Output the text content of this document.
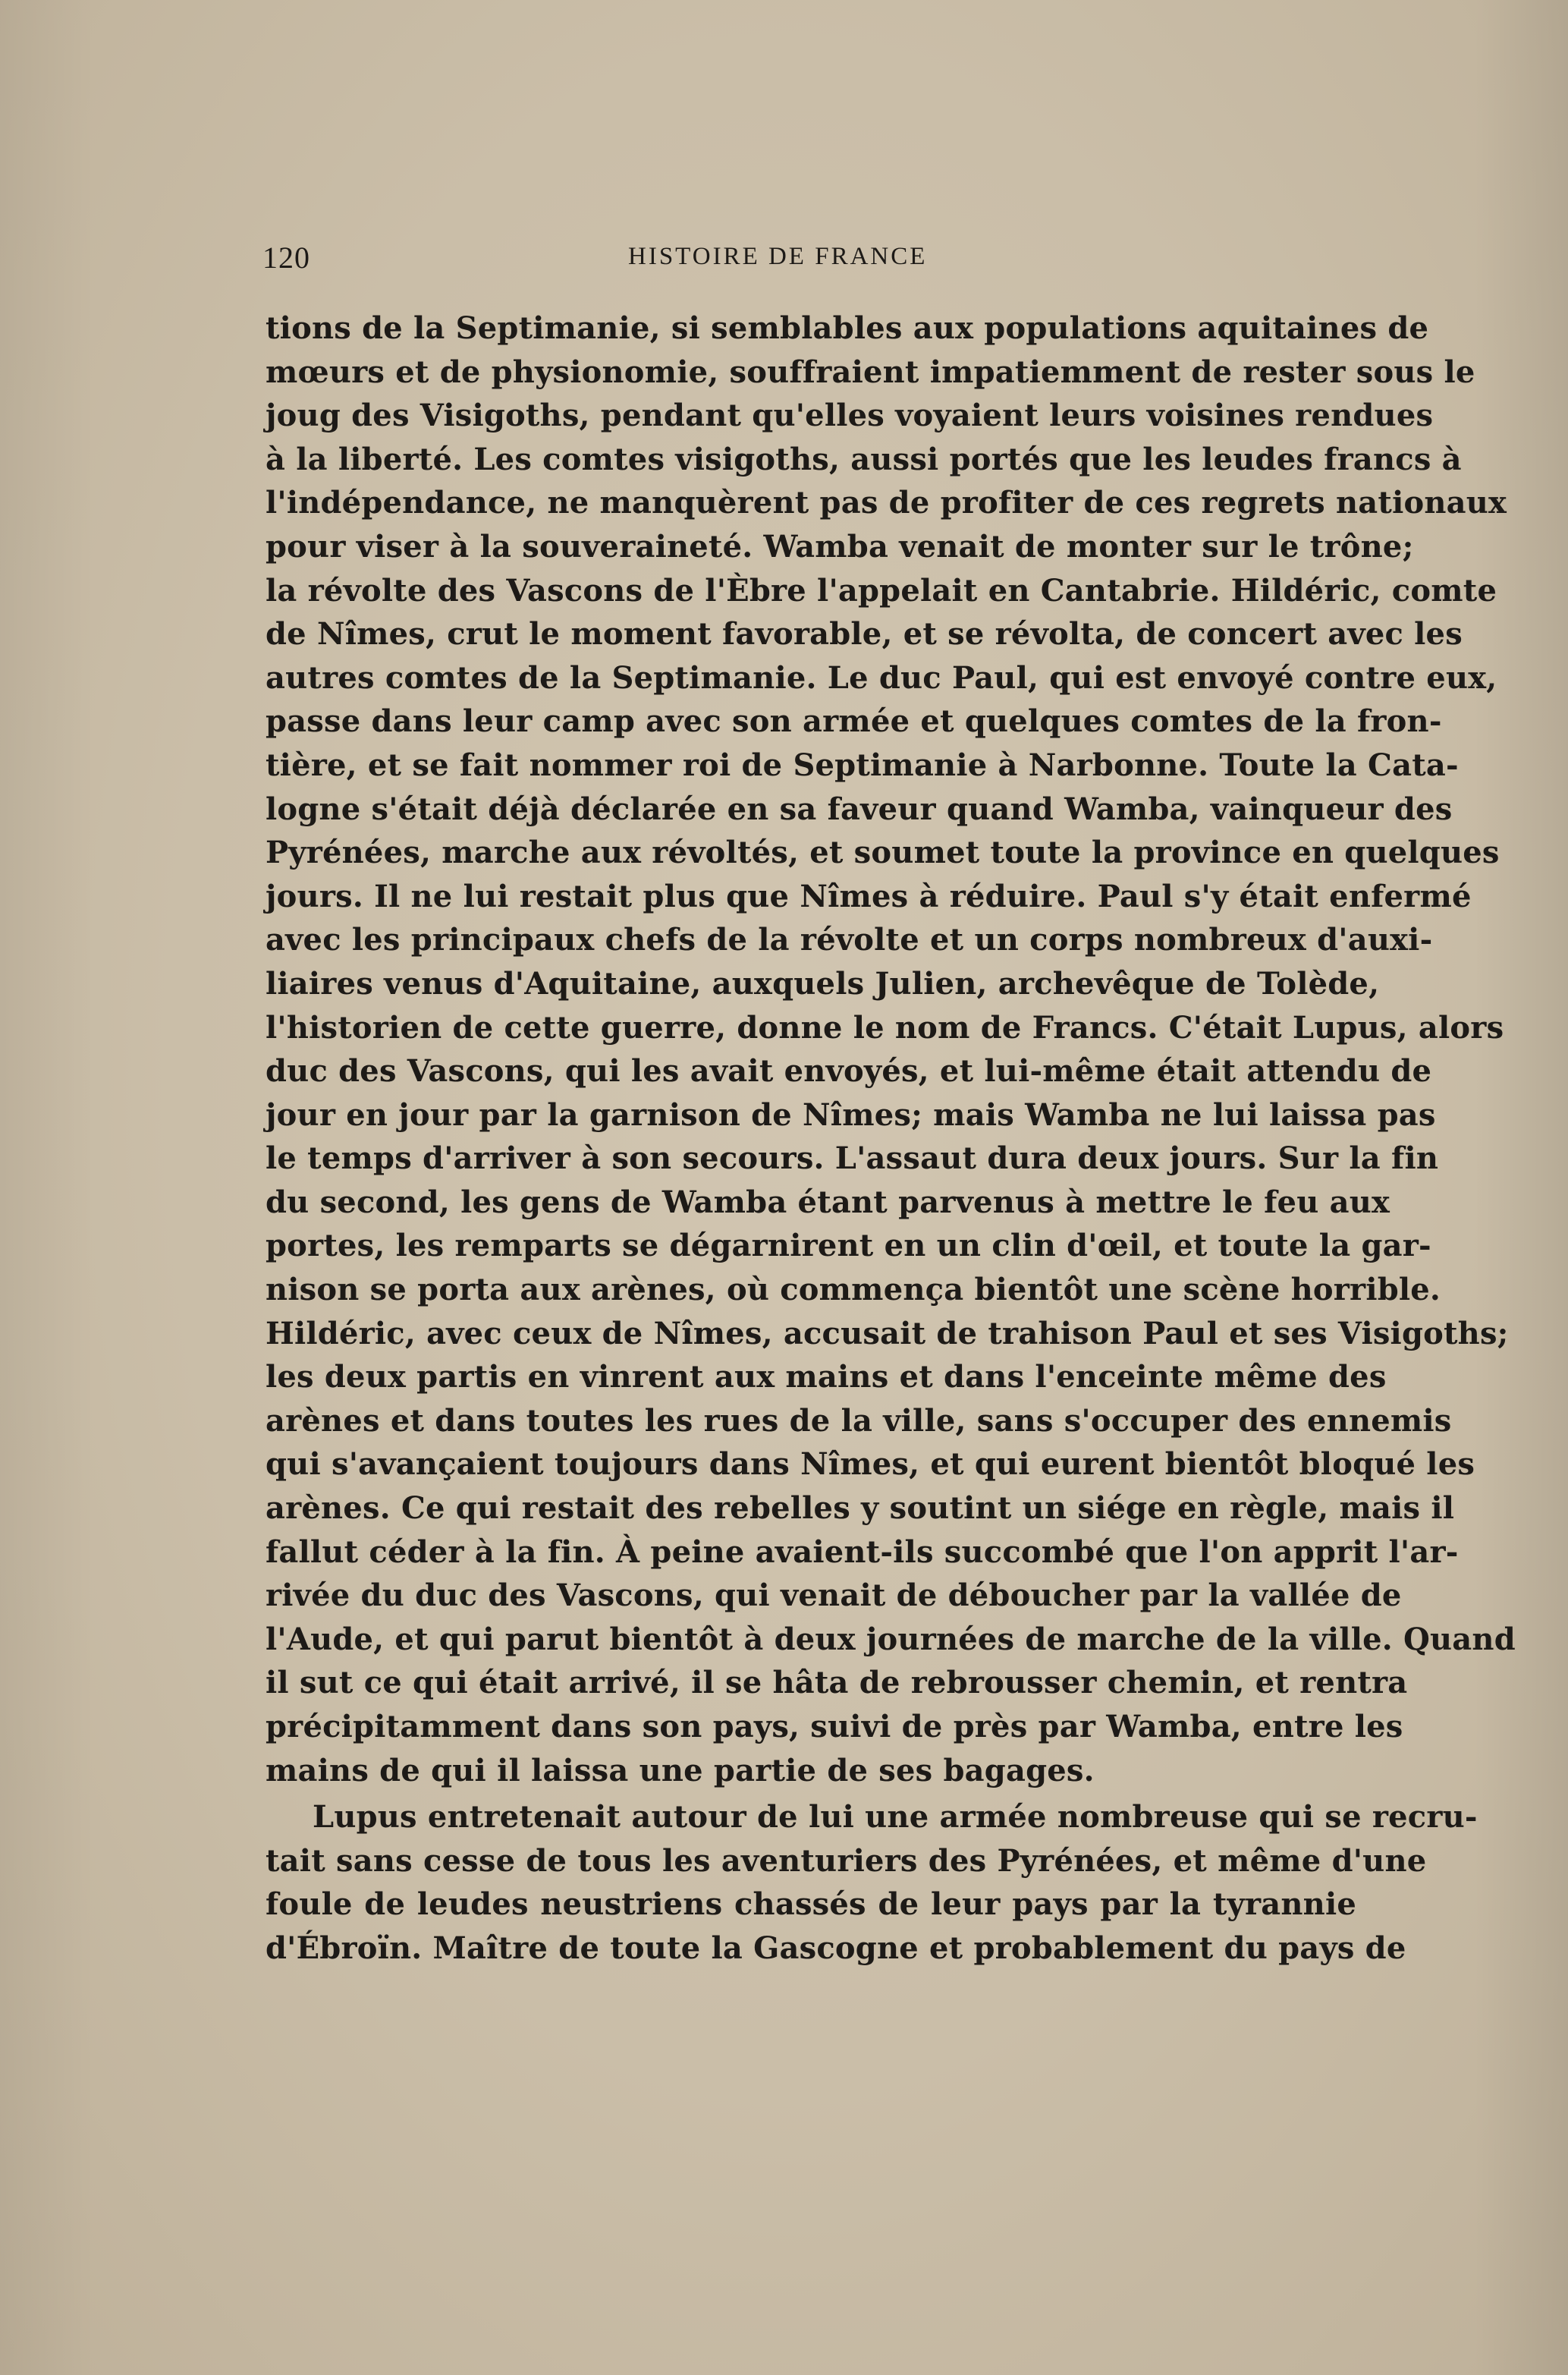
120	HISTOIRE DE FRANCE
tions de la Septimanie, si semblables aux populations aquitaines de
mœurs et de physionomie, souffraient impatiemment de rester sous le
joug des Visigoths, pendant qu'elles voyaient leurs voisines rendues
à la liberté. Les comtes visigoths, aussi portés que les leudes francs à
l'indépendance, ne manquèrent pas de profiter de ces regrets nationaux
pour viser à la souveraineté. Wamba venait de monter sur le trône;
la révolte des Vascons de l'Èbre l'appelait en Cantabrie. Hildéric, comte
de Nîmes, crut le moment favorable, et se révolta, de concert avec les
autres comtes de la Septimanie. Le duc Paul, qui est envoyé contre eux,
passe dans leur camp avec son armée et quelques comtes de la fron-
tière, et se fait nommer roi de Septimanie à Narbonne. Toute la Cata-
logne s'était déjà déclarée en sa faveur quand Wamba, vainqueur des
Pyrénées, marche aux révoltés, et soumet toute la province en quelques
jours. Il ne lui restait plus que Nîmes à réduire. Paul s'y était enfermé
avec les principaux chefs de la révolte et un corps nombreux d'auxi-
liaires venus d'Aquitaine, auxquels Julien, archevêque de Tolède,
l'historien de cette guerre, donne le nom de Francs. C'était Lupus, alors
duc des Vascons, qui les avait envoyés, et lui-même était attendu de
jour en jour par la garnison de Nîmes; mais Wamba ne lui laissa pas
le temps d'arriver à son secours. L'assaut dura deux jours. Sur la fin
du second, les gens de Wamba étant parvenus à mettre le feu aux
portes, les remparts se dégarnirent en un clin d'œil, et toute la gar-
nison se porta aux arènes, où commença bientôt une scène horrible.
Hildéric, avec ceux de Nîmes, accusait de trahison Paul et ses Visigoths;
les deux partis en vinrent aux mains et dans l'enceinte même des
arènes et dans toutes les rues de la ville, sans s'occuper des ennemis
qui s'avançaient toujours dans Nîmes, et qui eurent bientôt bloqué les
arènes. Ce qui restait des rebelles y soutint un siége en règle, mais il
fallut céder à la fin. À peine avaient-ils succombé que l'on apprit l'ar-
rivée du duc des Vascons, qui venait de déboucher par la vallée de
l'Aude, et qui parut bientôt à deux journées de marche de la ville. Quand
il sut ce qui était arrivé, il se hâta de rebrousser chemin, et rentra
précipitamment dans son pays, suivi de près par Wamba, entre les
mains de qui il laissa une partie de ses bagages.
Lupus entretenait autour de lui une armée nombreuse qui se recru-
tait sans cesse de tous les aventuriers des Pyrénées, et même d'une
foule de leudes neustriens chassés de leur pays par la tyrannie
d'Ébroïn. Maître de toute la Gascogne et probablement du pays de
